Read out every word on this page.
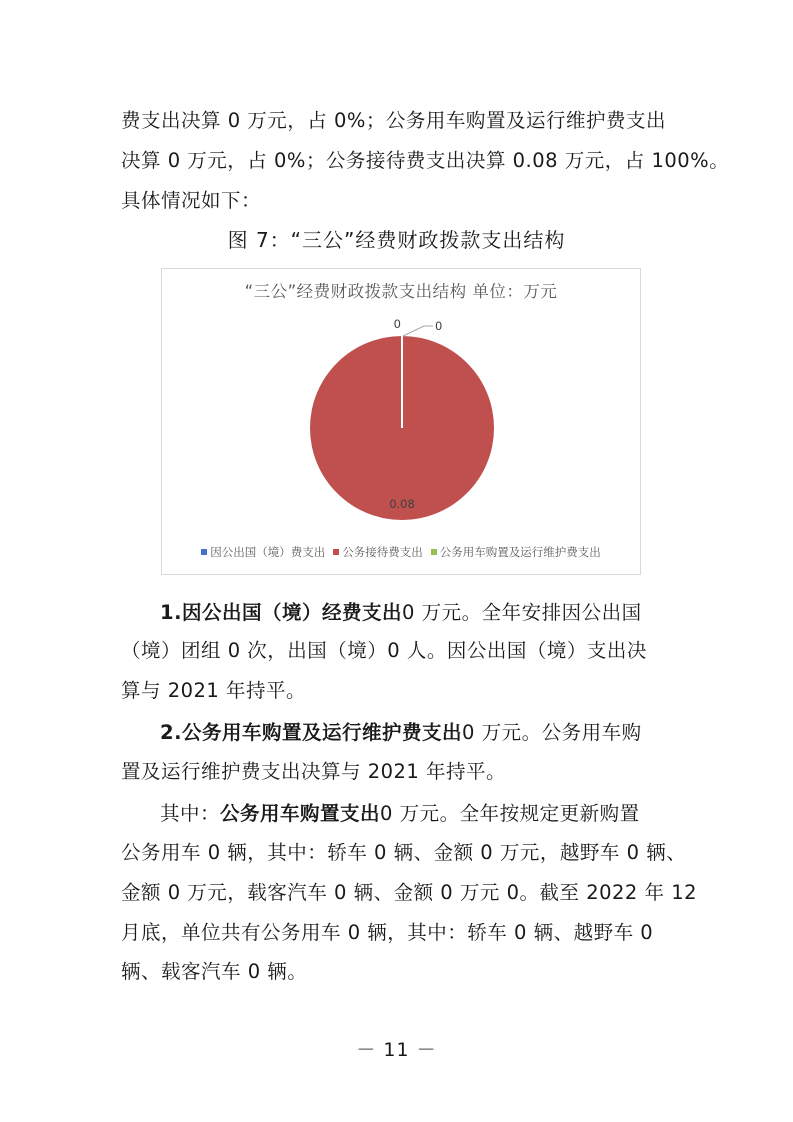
费支出决算 0 万元，占 0%；公务用车购置及运行维护费支出
决算 0 万元，占 0%；公务接待费支出决算 0.08 万元，占 100%。
具体情况如下：
图 7：“三公”经费财政拨款支出结构
“三公”经费财政拨款支出结构 单位：万元
0
0.08
0
因公出国（境）费支出 公务接待费支出 公务用车购置及运行维护费支出
1.因公出国（境）经费支出0 万元。全年安排因公出国
（境）团组 0 次，出国（境）0 人。因公出国（境）支出决
算与 2021 年持平。
2.公务用车购置及运行维护费支出0 万元。公务用车购
置及运行维护费支出决算与 2021 年持平。
其中：公务用车购置支出0 万元。全年按规定更新购置
公务用车 0 辆，其中：轿车 0 辆、金额 0 万元，越野车 0 辆、
金额 0 万元，载客汽车 0 辆、金额 0 万元 0。截至 2022 年 12
月底，单位共有公务用车 0 辆，其中：轿车 0 辆、越野车 0
辆、载客汽车 0 辆。
－ 11 －
